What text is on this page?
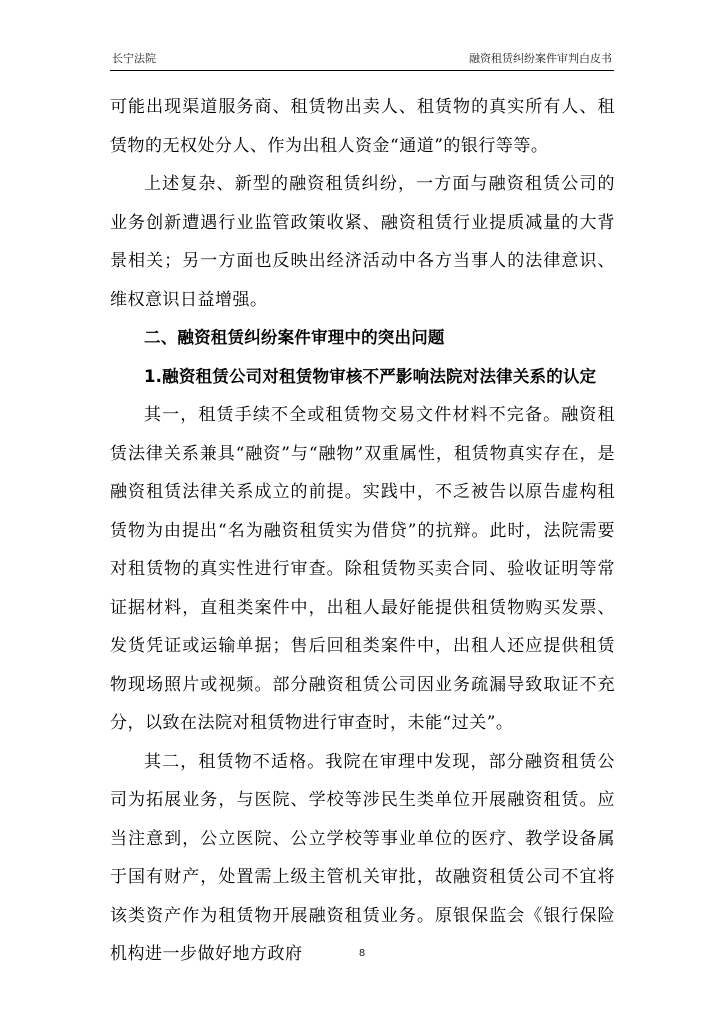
长宁法院	融资租赁纠纷案件审判白皮书

可能出现渠道服务商、租赁物出卖人、租赁物的真实所有人、租赁物的无权处分人、作为出租人资金“通道”的银行等等。

上述复杂、新型的融资租赁纠纷，一方面与融资租赁公司的业务创新遭遇行业监管政策收紧、融资租赁行业提质减量的大背景相关；另一方面也反映出经济活动中各方当事人的法律意识、维权意识日益增强。

二、融资租赁纠纷案件审理中的突出问题

1.融资租赁公司对租赁物审核不严影响法院对法律关系的认定

其一，租赁手续不全或租赁物交易文件材料不完备。融资租赁法律关系兼具“融资”与“融物”双重属性，租赁物真实存在，是融资租赁法律关系成立的前提。实践中，不乏被告以原告虚构租赁物为由提出“名为融资租赁实为借贷”的抗辩。此时，法院需要对租赁物的真实性进行审查。除租赁物买卖合同、验收证明等常证据材料，直租类案件中，出租人最好能提供租赁物购买发票、发货凭证或运输单据；售后回租类案件中，出租人还应提供租赁物现场照片或视频。部分融资租赁公司因业务疏漏导致取证不充分，以致在法院对租赁物进行审查时，未能“过关”。

其二，租赁物不适格。我院在审理中发现，部分融资租赁公司为拓展业务，与医院、学校等涉民生类单位开展融资租赁。应当注意到，公立医院、公立学校等事业单位的医疗、教学设备属于国有财产，处置需上级主管机关审批，故融资租赁公司不宜将该类资产作为租赁物开展融资租赁业务。原银保监会《银行保险机构进一步做好地方政府	8
